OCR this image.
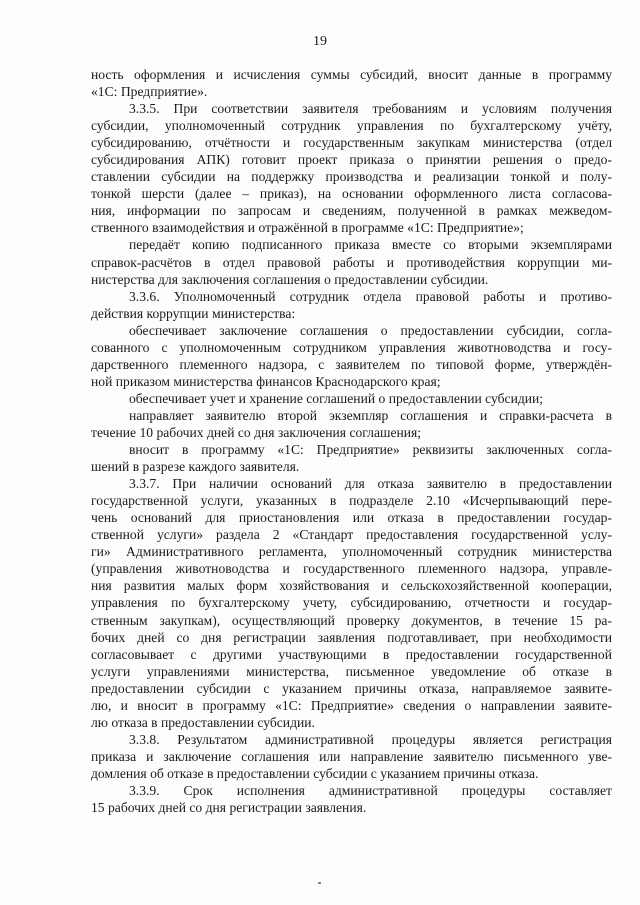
19
ность оформления и исчисления суммы субсидий, вносит данные в программу
«1С: Предприятие».
3.3.5. При соответствии заявителя требованиям и условиям получения
субсидии, уполномоченный сотрудник управления по бухгалтерскому учёту,
субсидированию, отчётности и государственным закупкам министерства (отдел
субсидирования АПК) готовит проект приказа о принятии решения о предо-
ставлении субсидии на поддержку производства и реализации тонкой и полу-
тонкой шерсти (далее – приказ), на основании оформленного листа согласова-
ния, информации по запросам и сведениям, полученной в рамках межведом-
ственного взаимодействия и отражённой в программе «1С: Предприятие»;
передаёт копию подписанного приказа вместе со вторыми экземплярами
справок-расчётов в отдел правовой работы и противодействия коррупции ми-
нистерства для заключения соглашения о предоставлении субсидии.
3.3.6. Уполномоченный сотрудник отдела правовой работы и противо-
действия коррупции министерства:
обеспечивает заключение соглашения о предоставлении субсидии, согла-
сованного с уполномоченным сотрудником управления животноводства и госу-
дарственного племенного надзора, с заявителем по типовой форме, утверждён-
ной приказом министерства финансов Краснодарского края;
обеспечивает учет и хранение соглашений о предоставлении субсидии;
направляет заявителю второй экземпляр соглашения и справки-расчета в
течение 10 рабочих дней со дня заключения соглашения;
вносит в программу «1С: Предприятие» реквизиты заключенных согла-
шений в разрезе каждого заявителя.
3.3.7. При наличии оснований для отказа заявителю в предоставлении
государственной услуги, указанных в подразделе 2.10 «Исчерпывающий пере-
чень оснований для приостановления или отказа в предоставлении государ-
ственной услуги» раздела 2 «Стандарт предоставления государственной услу-
ги» Административного регламента, уполномоченный сотрудник министерства
(управления животноводства и государственного племенного надзора, управле-
ния развития малых форм хозяйствования и сельскохозяйственной кооперации,
управления по бухгалтерскому учету, субсидированию, отчетности и государ-
ственным закупкам), осуществляющий проверку документов, в течение 15 ра-
бочих дней со дня регистрации заявления подготавливает, при необходимости
согласовывает с другими участвующими в предоставлении государственной
услуги управлениями министерства, письменное уведомление об отказе в
предоставлении субсидии с указанием причины отказа, направляемое заявите-
лю, и вносит в программу «1С: Предприятие» сведения о направлении заявите-
лю отказа в предоставлении субсидии.
3.3.8. Результатом административной процедуры является регистрация
приказа и заключение соглашения или направление заявителю письменного уве-
домления об отказе в предоставлении субсидии с указанием причины отказа.
3.3.9. Срок исполнения административной процедуры составляет
15 рабочих дней со дня регистрации заявления.
